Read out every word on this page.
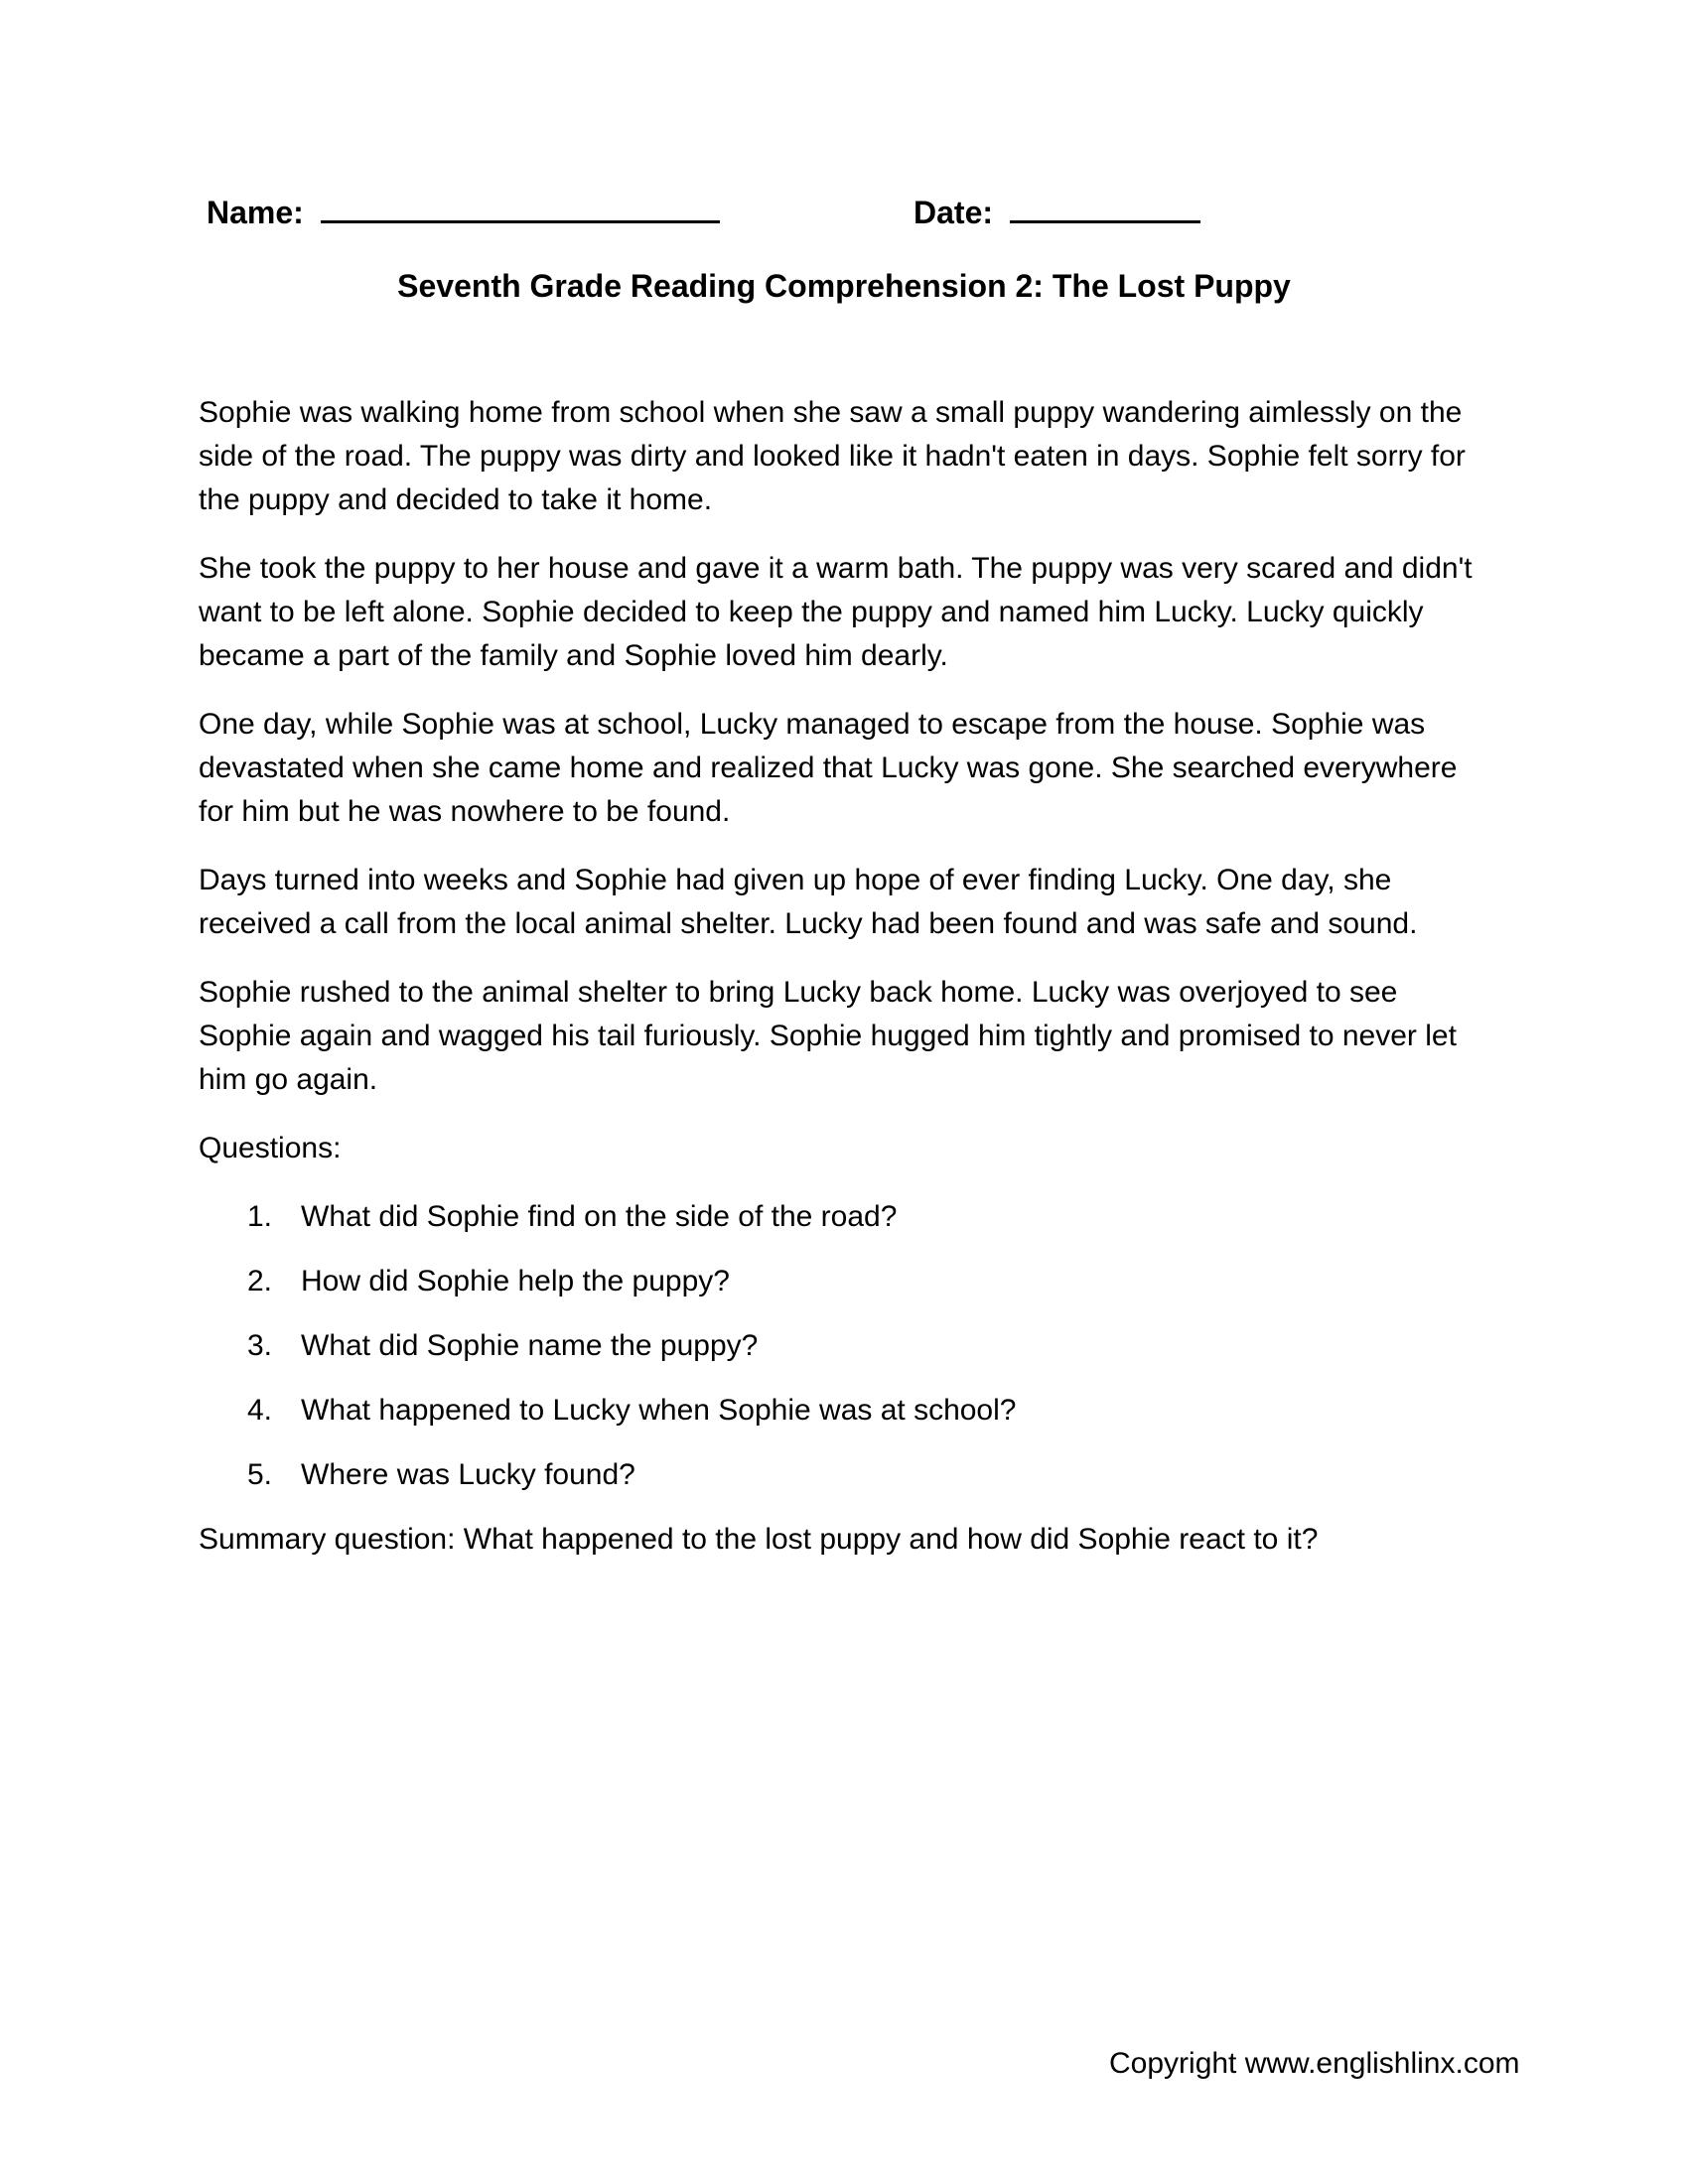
Name:	Date:
Seventh Grade Reading Comprehension 2: The Lost Puppy

Sophie was walking home from school when she saw a small puppy wandering aimlessly on the side of the road. The puppy was dirty and looked like it hadn't eaten in days. Sophie felt sorry for the puppy and decided to take it home.

She took the puppy to her house and gave it a warm bath. The puppy was very scared and didn't want to be left alone. Sophie decided to keep the puppy and named him Lucky. Lucky quickly became a part of the family and Sophie loved him dearly.

One day, while Sophie was at school, Lucky managed to escape from the house. Sophie was devastated when she came home and realized that Lucky was gone. She searched everywhere for him but he was nowhere to be found.

Days turned into weeks and Sophie had given up hope of ever finding Lucky. One day, she received a call from the local animal shelter. Lucky had been found and was safe and sound.

Sophie rushed to the animal shelter to bring Lucky back home. Lucky was overjoyed to see Sophie again and wagged his tail furiously. Sophie hugged him tightly and promised to never let him go again.

Questions:

1. What did Sophie find on the side of the road?
2. How did Sophie help the puppy?
3. What did Sophie name the puppy?
4. What happened to Lucky when Sophie was at school?
5. Where was Lucky found?

Summary question: What happened to the lost puppy and how did Sophie react to it?

Copyright www.englishlinx.com
